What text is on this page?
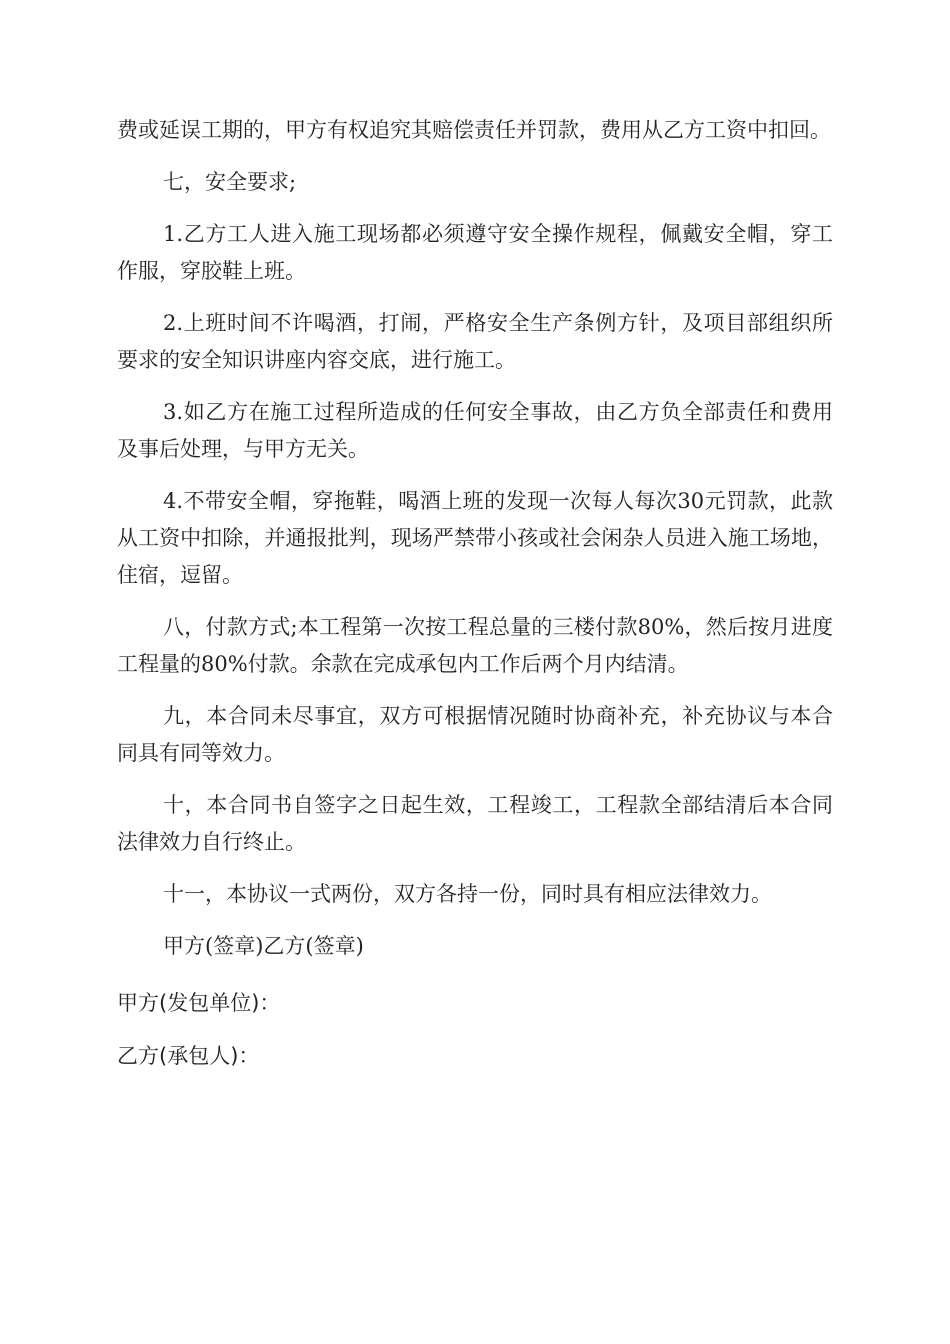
费或延误工期的，甲方有权追究其赔偿责任并罚款，费用从乙方工资中扣回。

七，安全要求;

1.乙方工人进入施工现场都必须遵守安全操作规程，佩戴安全帽，穿工作服，穿胶鞋上班。

2.上班时间不许喝酒，打闹，严格安全生产条例方针，及项目部组织所要求的安全知识讲座内容交底，进行施工。

3.如乙方在施工过程所造成的任何安全事故，由乙方负全部责任和费用及事后处理，与甲方无关。

4.不带安全帽，穿拖鞋，喝酒上班的发现一次每人每次30元罚款，此款从工资中扣除，并通报批判，现场严禁带小孩或社会闲杂人员进入施工场地，住宿，逗留。

八，付款方式;本工程第一次按工程总量的三楼付款80%，然后按月进度工程量的80%付款。余款在完成承包内工作后两个月内结清。

九，本合同未尽事宜，双方可根据情况随时协商补充，补充协议与本合同具有同等效力。

十，本合同书自签字之日起生效，工程竣工，工程款全部结清后本合同法律效力自行终止。

十一，本协议一式两份，双方各持一份，同时具有相应法律效力。

甲方(签章)乙方(签章)

甲方(发包单位)：

乙方(承包人)：
